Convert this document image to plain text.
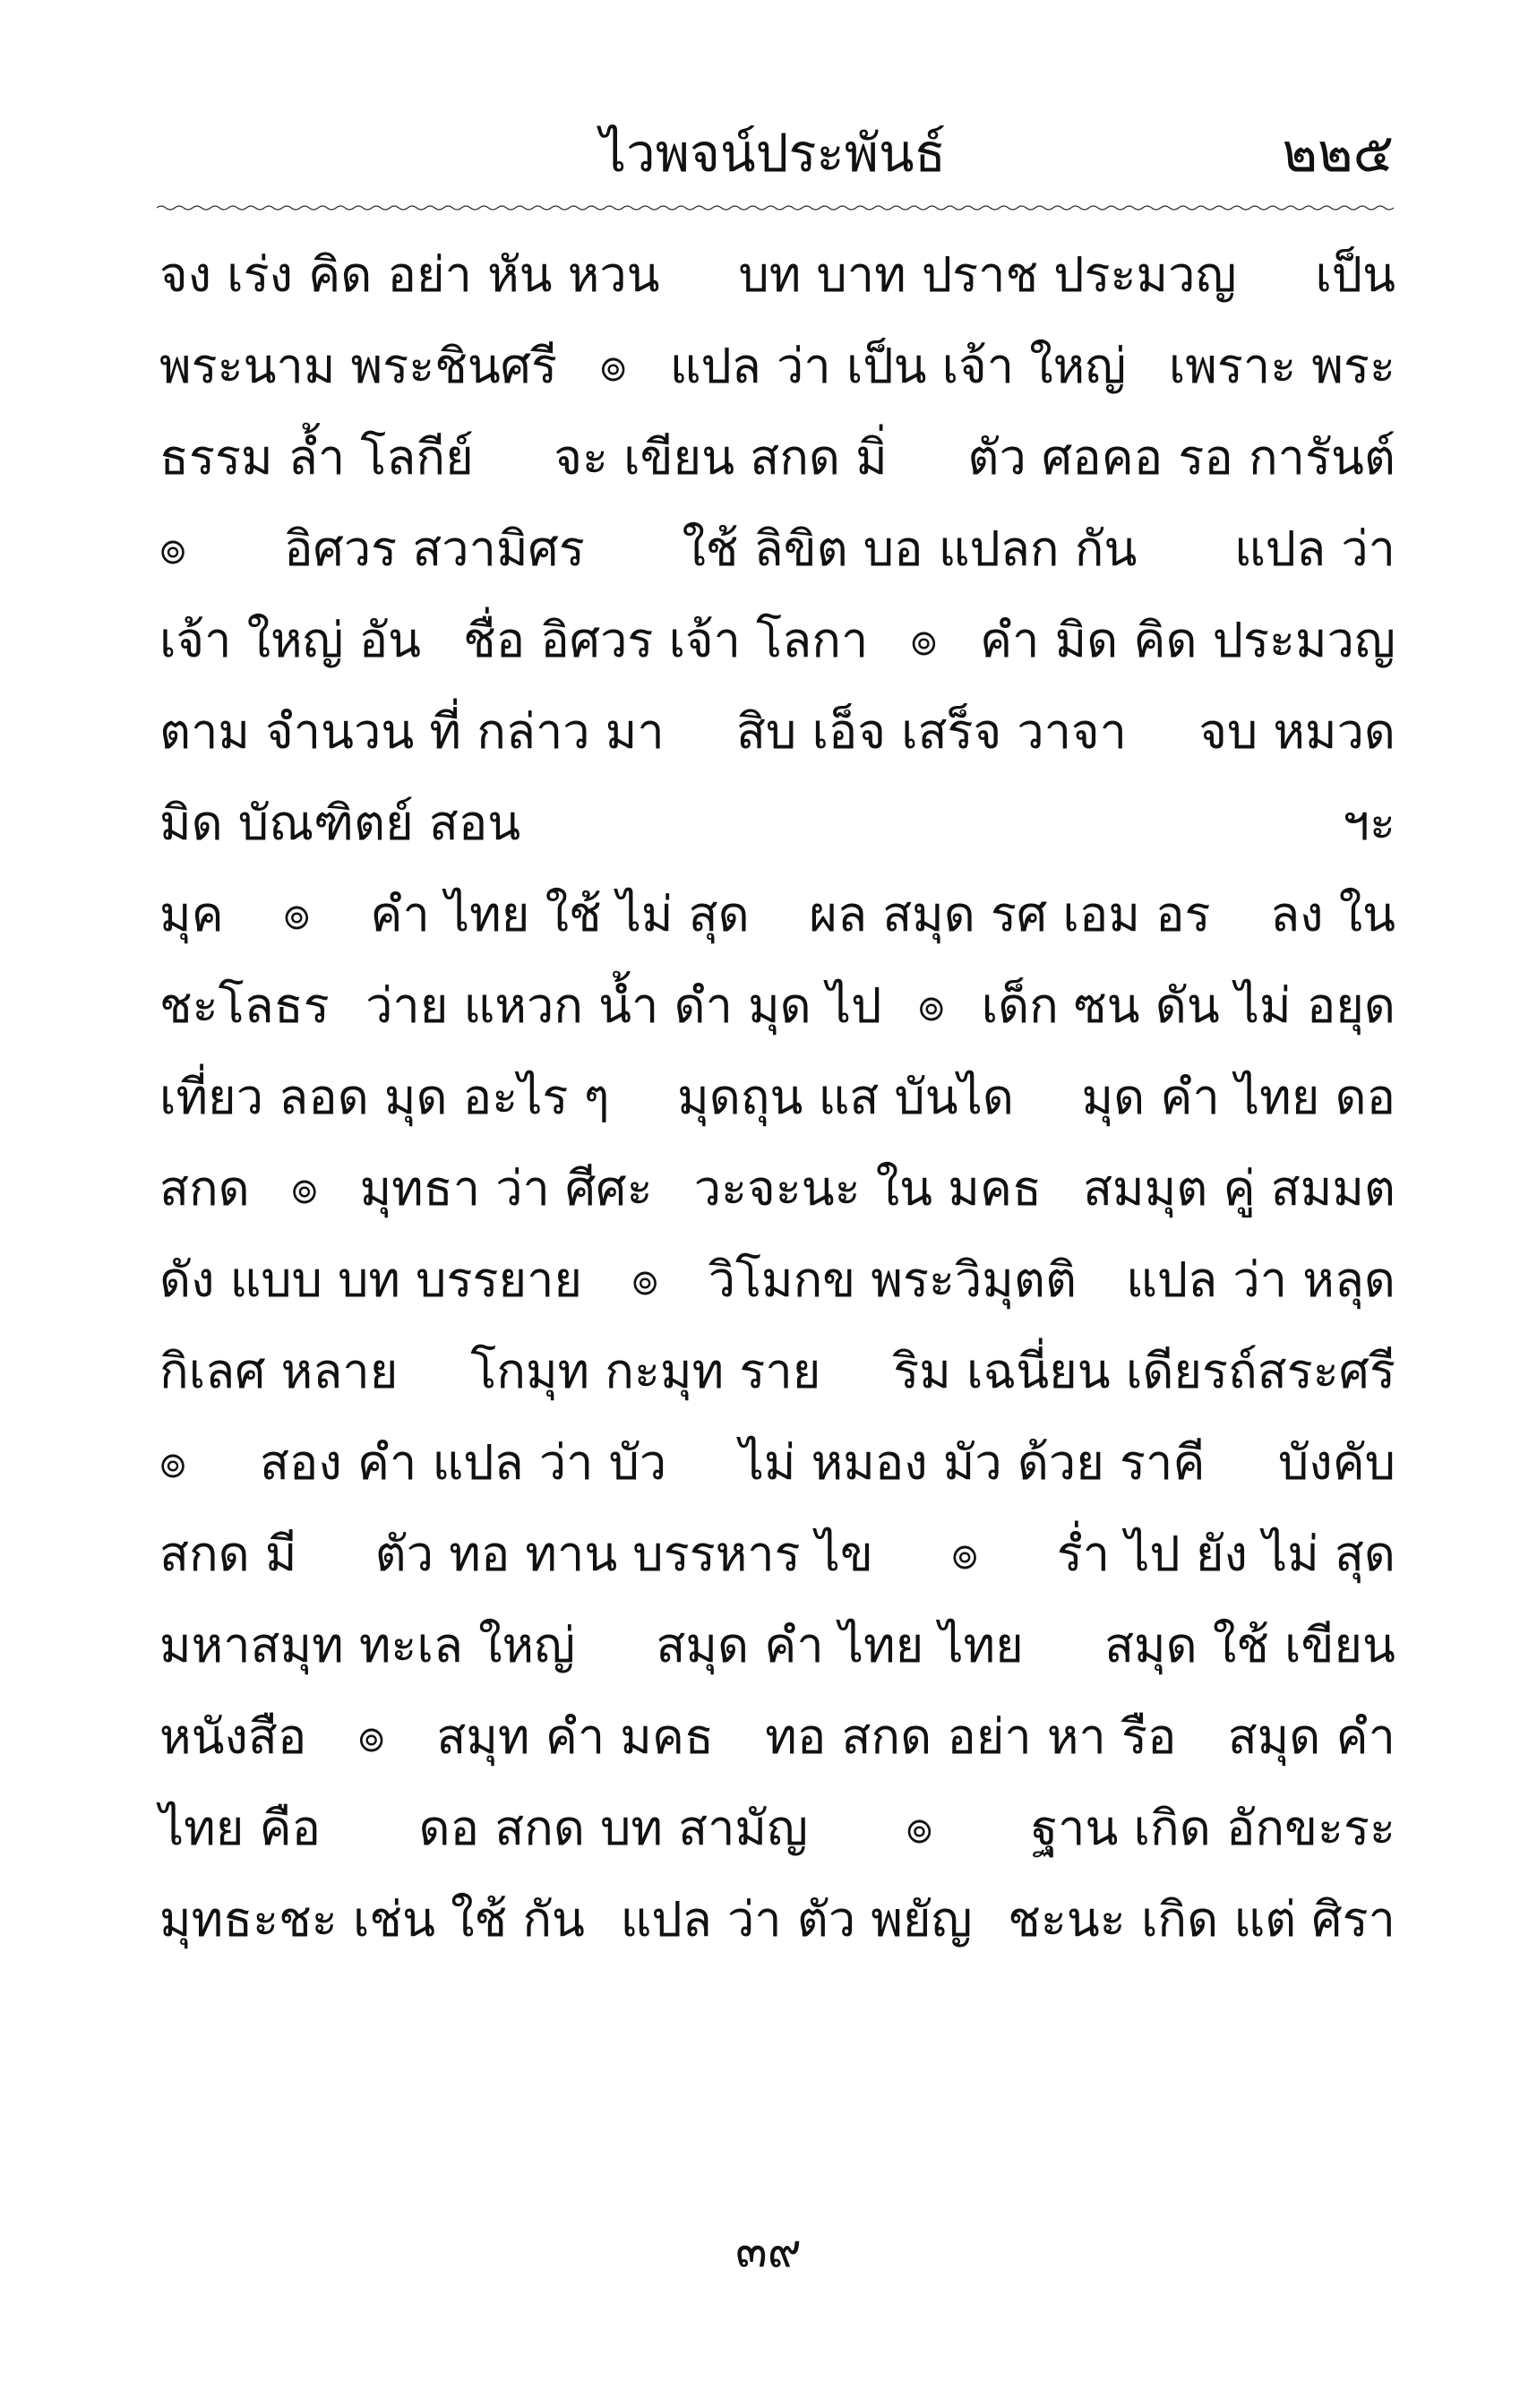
ไวพจน์ประพันธ์	๒๒๕
จง เร่ง คิด อย่า หัน หวน บท บาท ปราช ประมวญ เป็น
พระนาม พระชินศรี ๏ แปล ว่า เป็น เจ้า ใหญ่ เพราะ พระ
ธรรม ล้ำ โลกีย์ จะ เขียน สกด มิ่ ตัว ศอคอ รอ การันต์
๏ อิศวร สวามิศร ใช้ ลิขิต บอ แปลก กัน แปล ว่า
เจ้า ใหญ่ อัน ชื่อ อิศวร เจ้า โลกา ๏ คำ มิด คิด ประมวญ
ตาม จำนวน ที่ กล่าว มา สิบ เอ็จ เสร็จ วาจา จบ หมวด
มิด บัณฑิตย์ สอน	ฯะ
มุค ๏ คำ ไทย ใช้ ไม่ สุด ผล สมุด รศ เอม อร ลง ใน
ชะโลธร ว่าย แหวก น้ำ ดำ มุด ไป ๏ เด็ก ซน ดัน ไม่ อยุด
เที่ยว ลอด มุด อะไร ๆ มุดถุน แส บันได มุด คำ ไทย ดอ
สกด ๏ มุทธา ว่า ศีศะ วะจะนะ ใน มคธ สมมุต คู่ สมมต
ดัง แบบ บท บรรยาย ๏ วิโมกข พระวิมุตติ แปล ว่า หลุด
กิเลศ หลาย โกมุท กะมุท ราย ริม เฉนี่ยน เดียรถ์สระศรี
๏ สอง คำ แปล ว่า บัว ไม่ หมอง มัว ด้วย ราคี บังคับ
สกด มี ตัว ทอ ทาน บรรหาร ไข ๏ ร่ำ ไป ยัง ไม่ สุด
มหาสมุท ทะเล ใหญ่ สมุด คำ ไทย ไทย สมุด ใช้ เขียน
หนังสือ ๏ สมุท คำ มคธ ทอ สกด อย่า หา รือ สมุด คำ
ไทย คือ ดอ สกด บท สามัญ ๏ ฐาน เกิด อักขะระ
มุทธะชะ เช่น ใช้ กัน แปล ว่า ตัว พยัญ ชะนะ เกิด แต่ ศิรา
๓๙
